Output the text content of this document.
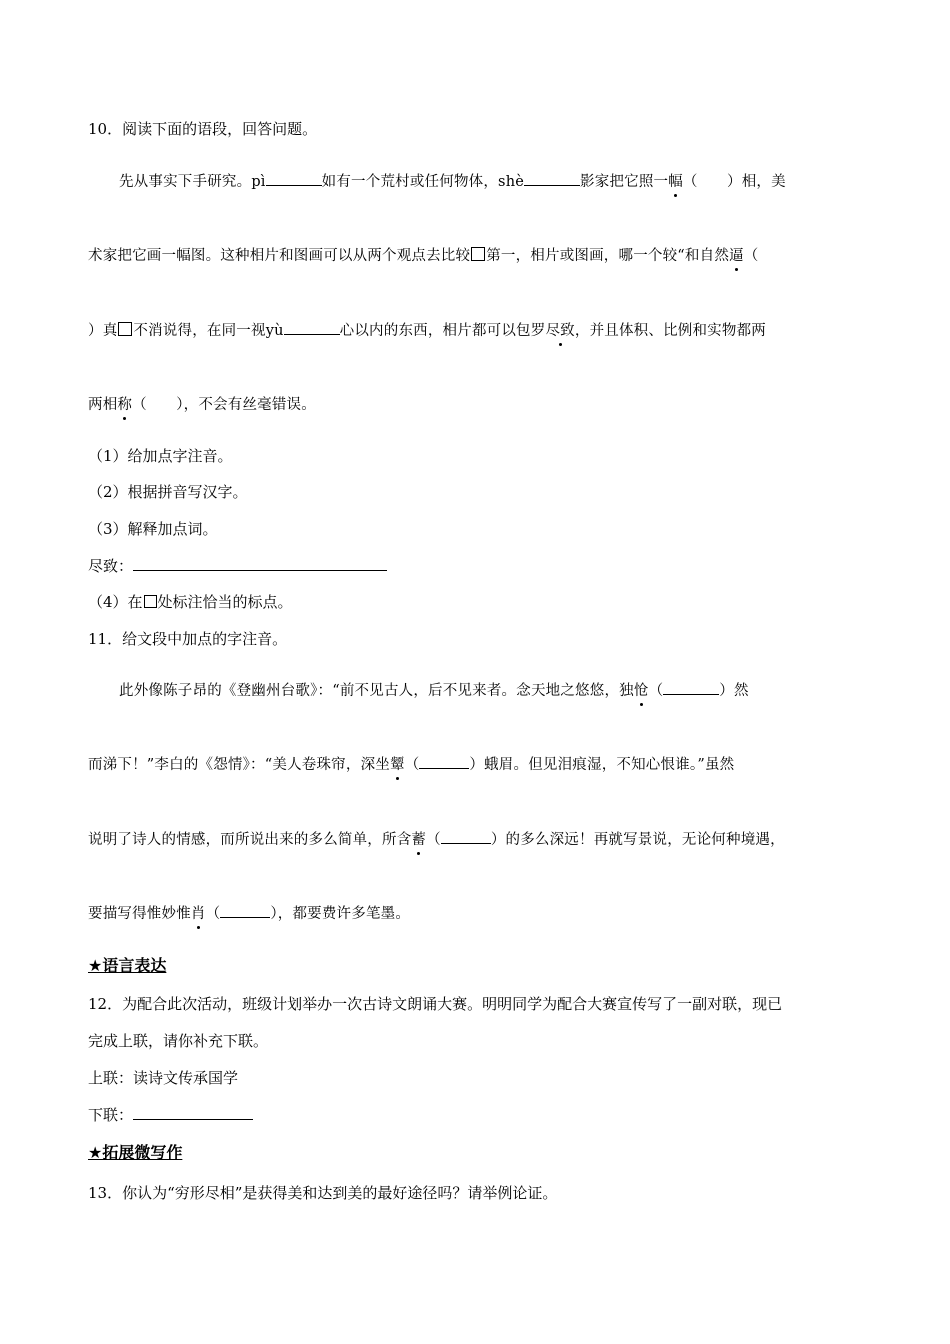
10．阅读下面的语段，回答问题。
先从事实下手研究。pì	如有一个荒村或任何物体，shè	影家把它照一幅（　　）相，美
术家把它画一幅图。这种相片和图画可以从两个观点去比较 第一，相片或图画，哪一个较“和自然逼（
）真 不消说得，在同一视yù	心以内的东西，相片都可以包罗尽致，并且体积、比例和实物都两
两相称（　　），不会有丝毫错误。
（1）给加点字注音。
（2）根据拼音写汉字。
（3）解释加点词。
尽致：
（4）在 处标注恰当的标点。
11．给文段中加点的字注音。
此外像陈子昂的《登幽州台歌》：“前不见古人，后不见来者。念天地之悠悠，独怆（	）然
而涕下！”李白的《怨情》：“美人卷珠帘，深坐颦（	）蛾眉。但见泪痕湿，不知心恨谁。”虽然
说明了诗人的情感，而所说出来的多么简单，所含蓄（	）的多么深远！再就写景说，无论何种境遇，
要描写得惟妙惟肖（	），都要费许多笔墨。
★语言表达
12．为配合此次活动，班级计划举办一次古诗文朗诵大赛。明明同学为配合大赛宣传写了一副对联，现已
完成上联，请你补充下联。
上联：读诗文传承国学
下联：
★拓展微写作
13．你认为“穷形尽相”是获得美和达到美的最好途径吗？请举例论证。
